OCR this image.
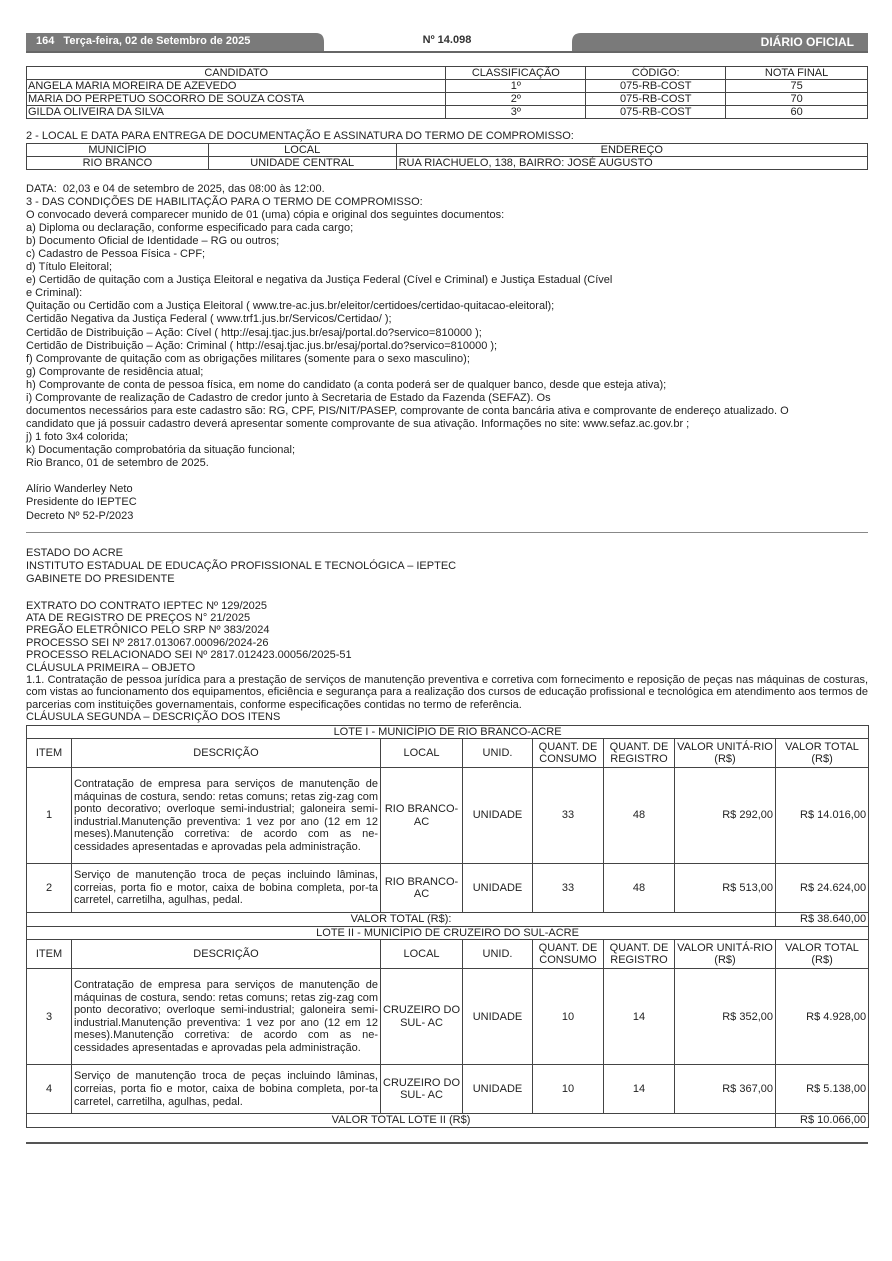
164 Terça-feira, 02 de Setembro de 2025	Nº 14.098	DIÁRIO OFICIAL
CANDIDATO	CLASSIFICAÇÃO	CÓDIGO:	NOTA FINAL
ANGELA MARIA MOREIRA DE AZEVEDO	1º	075-RB-COST	75
MARIA DO PERPETUO SOCORRO DE SOUZA COSTA	2º	075-RB-COST	70
GILDA OLIVEIRA DA SILVA	3º	075-RB-COST	60
2 - LOCAL E DATA PARA ENTREGA DE DOCUMENTAÇÃO E ASSINATURA DO TERMO DE COMPROMISSO:
MUNICÍPIO	LOCAL	ENDEREÇO
RIO BRANCO	UNIDADE CENTRAL	RUA RIACHUELO, 138, BAIRRO: JOSÉ AUGUSTO
DATA:  02,03 e 04 de setembro de 2025, das 08:00 às 12:00.
3 - DAS CONDIÇÕES DE HABILITAÇÃO PARA O TERMO DE COMPROMISSO:
O convocado deverá comparecer munido de 01 (uma) cópia e original dos seguintes documentos:
a) Diploma ou declaração, conforme especificado para cada cargo;
b) Documento Oficial de Identidade – RG ou outros;
c) Cadastro de Pessoa Física - CPF;
d) Título Eleitoral;
e) Certidão de quitação com a Justiça Eleitoral e negativa da Justiça Federal (Cível e Criminal) e Justiça Estadual (Cível
e Criminal):
Quitação ou Certidão com a Justiça Eleitoral ( www.tre-ac.jus.br/eleitor/certidoes/certidao-quitacao-eleitoral);
Certidão Negativa da Justiça Federal ( www.trf1.jus.br/Servicos/Certidao/ );
Certidão de Distribuição – Ação: Cível ( http://esaj.tjac.jus.br/esaj/portal.do?servico=810000 );
Certidão de Distribuição – Ação: Criminal ( http://esaj.tjac.jus.br/esaj/portal.do?servico=810000 );
f) Comprovante de quitação com as obrigações militares (somente para o sexo masculino);
g) Comprovante de residência atual;
h) Comprovante de conta de pessoa física, em nome do candidato (a conta poderá ser de qualquer banco, desde que esteja ativa);
i) Comprovante de realização de Cadastro de credor junto à Secretaria de Estado da Fazenda (SEFAZ). Os
documentos necessários para este cadastro são: RG, CPF, PIS/NIT/PASEP, comprovante de conta bancária ativa e comprovante de endereço atualizado. O
candidato que já possuir cadastro deverá apresentar somente comprovante de sua ativação. Informações no site: www.sefaz.ac.gov.br ;
j) 1 foto 3x4 colorida;
k) Documentação comprobatória da situação funcional;
Rio Branco, 01 de setembro de 2025.
Alírio Wanderley Neto
Presidente do IEPTEC
Decreto Nº 52-P/2023
ESTADO DO ACRE
INSTITUTO ESTADUAL DE EDUCAÇÃO PROFISSIONAL E TECNOLÓGICA – IEPTEC
GABINETE DO PRESIDENTE
EXTRATO DO CONTRATO IEPTEC Nº 129/2025
ATA DE REGISTRO DE PREÇOS N° 21/2025
PREGÃO ELETRÔNICO PELO SRP Nº 383/2024
PROCESSO SEI Nº 2817.013067.00096/2024-26
PROCESSO RELACIONADO SEI Nº 2817.012423.00056/2025-51
CLÁUSULA PRIMEIRA – OBJETO
1.1. Contratação de pessoa jurídica para a prestação de serviços de manutenção preventiva e corretiva com fornecimento e reposição de peças nas máquinas de costuras, com vistas ao funcionamento dos equipamentos, eficiência e segurança para a realização dos cursos de educação profissional e tecnológica em atendimento aos termos de parcerias com instituições governamentais, conforme especificações contidas no termo de referência.
CLÁUSULA SEGUNDA – DESCRIÇÃO DOS ITENS
LOTE I - MUNICÍPIO DE RIO BRANCO-ACRE							
ITEM	DESCRIÇÃO	LOCAL	UNID.	QUANT. DE CONSUMO	QUANT. DE REGISTRO	VALOR UNITÁ-RIO (R$)	VALOR TOTAL (R$)
1	Contratação de empresa para serviços de manutenção de máquinas de costura, sendo: retas comuns; retas zig-zag com ponto decorativo; overloque semi-industrial; galoneira semi-industrial.Manutenção preventiva: 1 vez por ano (12 em 12 meses).Manutenção corretiva: de acordo com as ne-cessidades apresentadas e aprovadas pela administração.	RIO BRANCO-AC	UNIDADE	33	48	R$ 292,00	R$ 14.016,00
2	Serviço de manutenção troca de peças incluindo lâminas, correias, porta fio e motor, caixa de bobina completa, por-ta carretel, carretilha, agulhas, pedal.	RIO BRANCO-AC	UNIDADE	33	48	R$ 513,00	R$ 24.624,00
VALOR TOTAL (R$):							R$ 38.640,00
LOTE II - MUNICÍPIO DE CRUZEIRO DO SUL-ACRE							
ITEM	DESCRIÇÃO	LOCAL	UNID.	QUANT. DE CONSUMO	QUANT. DE REGISTRO	VALOR UNITÁ-RIO (R$)	VALOR TOTAL (R$)
3	Contratação de empresa para serviços de manutenção de máquinas de costura, sendo: retas comuns; retas zig-zag com ponto decorativo; overloque semi-industrial; galoneira semi-industrial.Manutenção preventiva: 1 vez por ano (12 em 12 meses).Manutenção corretiva: de acordo com as ne-cessidades apresentadas e aprovadas pela administração.	CRUZEIRO DO SUL- AC	UNIDADE	10	14	R$ 352,00	R$ 4.928,00
4	Serviço de manutenção troca de peças incluindo lâminas, correias, porta fio e motor, caixa de bobina completa, por-ta carretel, carretilha, agulhas, pedal.	CRUZEIRO DO SUL- AC	UNIDADE	10	14	R$ 367,00	R$ 5.138,00
VALOR TOTAL LOTE II (R$)							R$ 10.066,00
